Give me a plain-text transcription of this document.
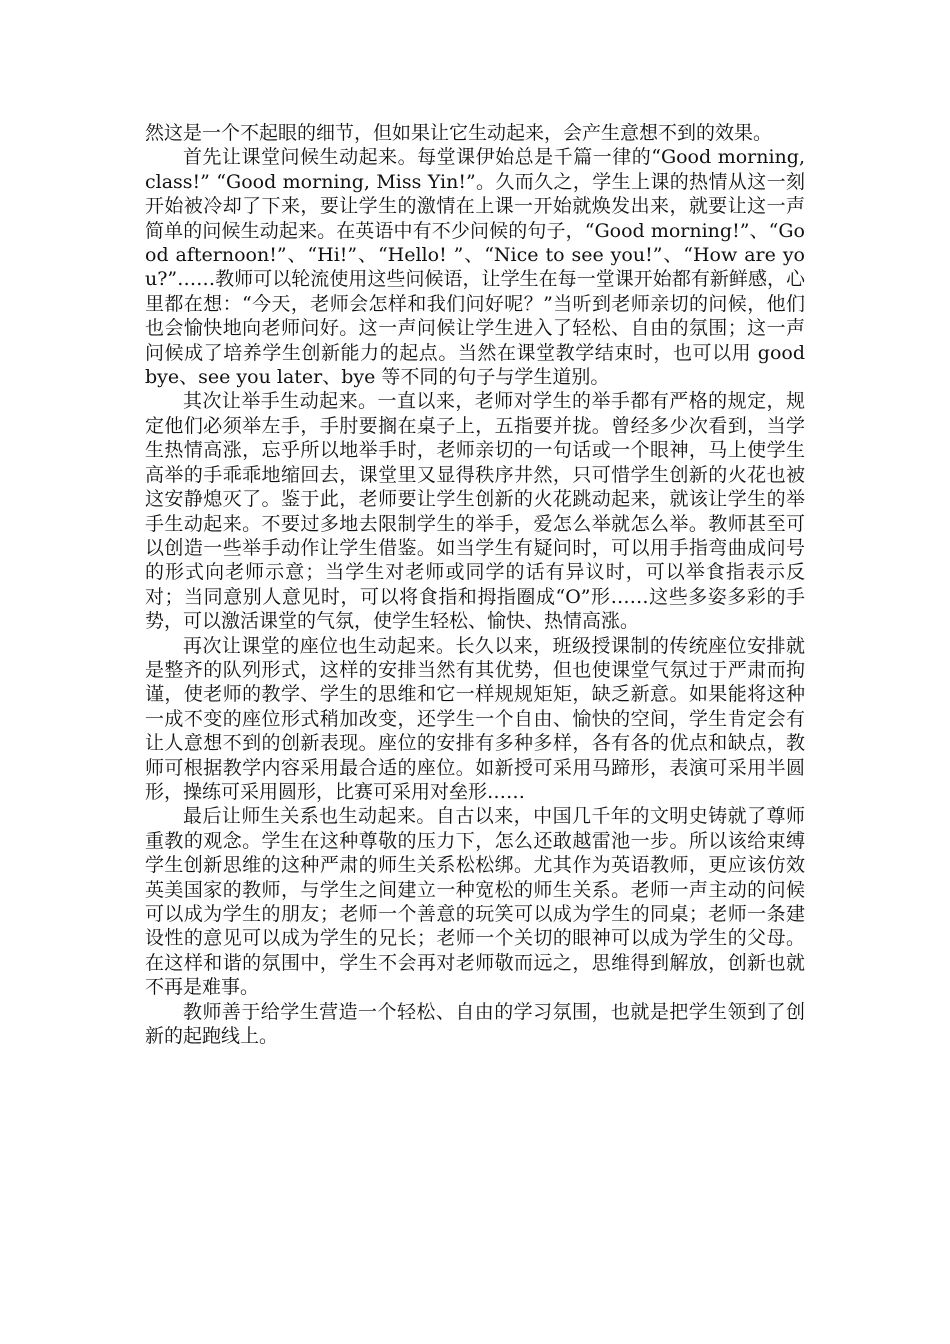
然这是一个不起眼的细节，但如果让它生动起来，会产生意想不到的效果。

首先让课堂问候生动起来。每堂课伊始总是千篇一律的“Good morning, class!” “Good morning, Miss Yin!”。久而久之，学生上课的热情从这一刻开始被冷却了下来，要让学生的激情在上课一开始就焕发出来，就要让这一声简单的问候生动起来。在英语中有不少问候的句子，“Good morning!”、“Good afternoon!”、“Hi!”、“Hello! ”、“Nice to see you!”、“How are you?”……教师可以轮流使用这些问候语，让学生在每一堂课开始都有新鲜感，心里都在想：“今天，老师会怎样和我们问好呢？”当听到老师亲切的问候，他们也会愉快地向老师问好。这一声问候让学生进入了轻松、自由的氛围；这一声问候成了培养学生创新能力的起点。当然在课堂教学结束时，也可以用 good bye、see you later、bye 等不同的句子与学生道别。

其次让举手生动起来。一直以来，老师对学生的举手都有严格的规定，规定他们必须举左手，手肘要搁在桌子上，五指要并拢。曾经多少次看到，当学生热情高涨，忘乎所以地举手时，老师亲切的一句话或一个眼神，马上使学生高举的手乖乖地缩回去，课堂里又显得秩序井然，只可惜学生创新的火花也被这安静熄灭了。鉴于此，老师要让学生创新的火花跳动起来，就该让学生的举手生动起来。不要过多地去限制学生的举手，爱怎么举就怎么举。教师甚至可以创造一些举手动作让学生借鉴。如当学生有疑问时，可以用手指弯曲成问号的形式向老师示意；当学生对老师或同学的话有异议时，可以举食指表示反对；当同意别人意见时，可以将食指和拇指圈成“O”形……这些多姿多彩的手势，可以激活课堂的气氛，使学生轻松、愉快、热情高涨。

再次让课堂的座位也生动起来。长久以来，班级授课制的传统座位安排就是整齐的队列形式，这样的安排当然有其优势，但也使课堂气氛过于严肃而拘谨，使老师的教学、学生的思维和它一样规规矩矩，缺乏新意。如果能将这种一成不变的座位形式稍加改变，还学生一个自由、愉快的空间，学生肯定会有让人意想不到的创新表现。座位的安排有多种多样，各有各的优点和缺点，教师可根据教学内容采用最合适的座位。如新授可采用马蹄形，表演可采用半圆形，操练可采用圆形，比赛可采用对垒形……

最后让师生关系也生动起来。自古以来，中国几千年的文明史铸就了尊师重教的观念。学生在这种尊敬的压力下，怎么还敢越雷池一步。所以该给束缚学生创新思维的这种严肃的师生关系松松绑。尤其作为英语教师，更应该仿效英美国家的教师，与学生之间建立一种宽松的师生关系。老师一声主动的问候可以成为学生的朋友；老师一个善意的玩笑可以成为学生的同桌；老师一条建设性的意见可以成为学生的兄长；老师一个关切的眼神可以成为学生的父母。在这样和谐的氛围中，学生不会再对老师敬而远之，思维得到解放，创新也就不再是难事。

教师善于给学生营造一个轻松、自由的学习氛围，也就是把学生领到了创新的起跑线上。
